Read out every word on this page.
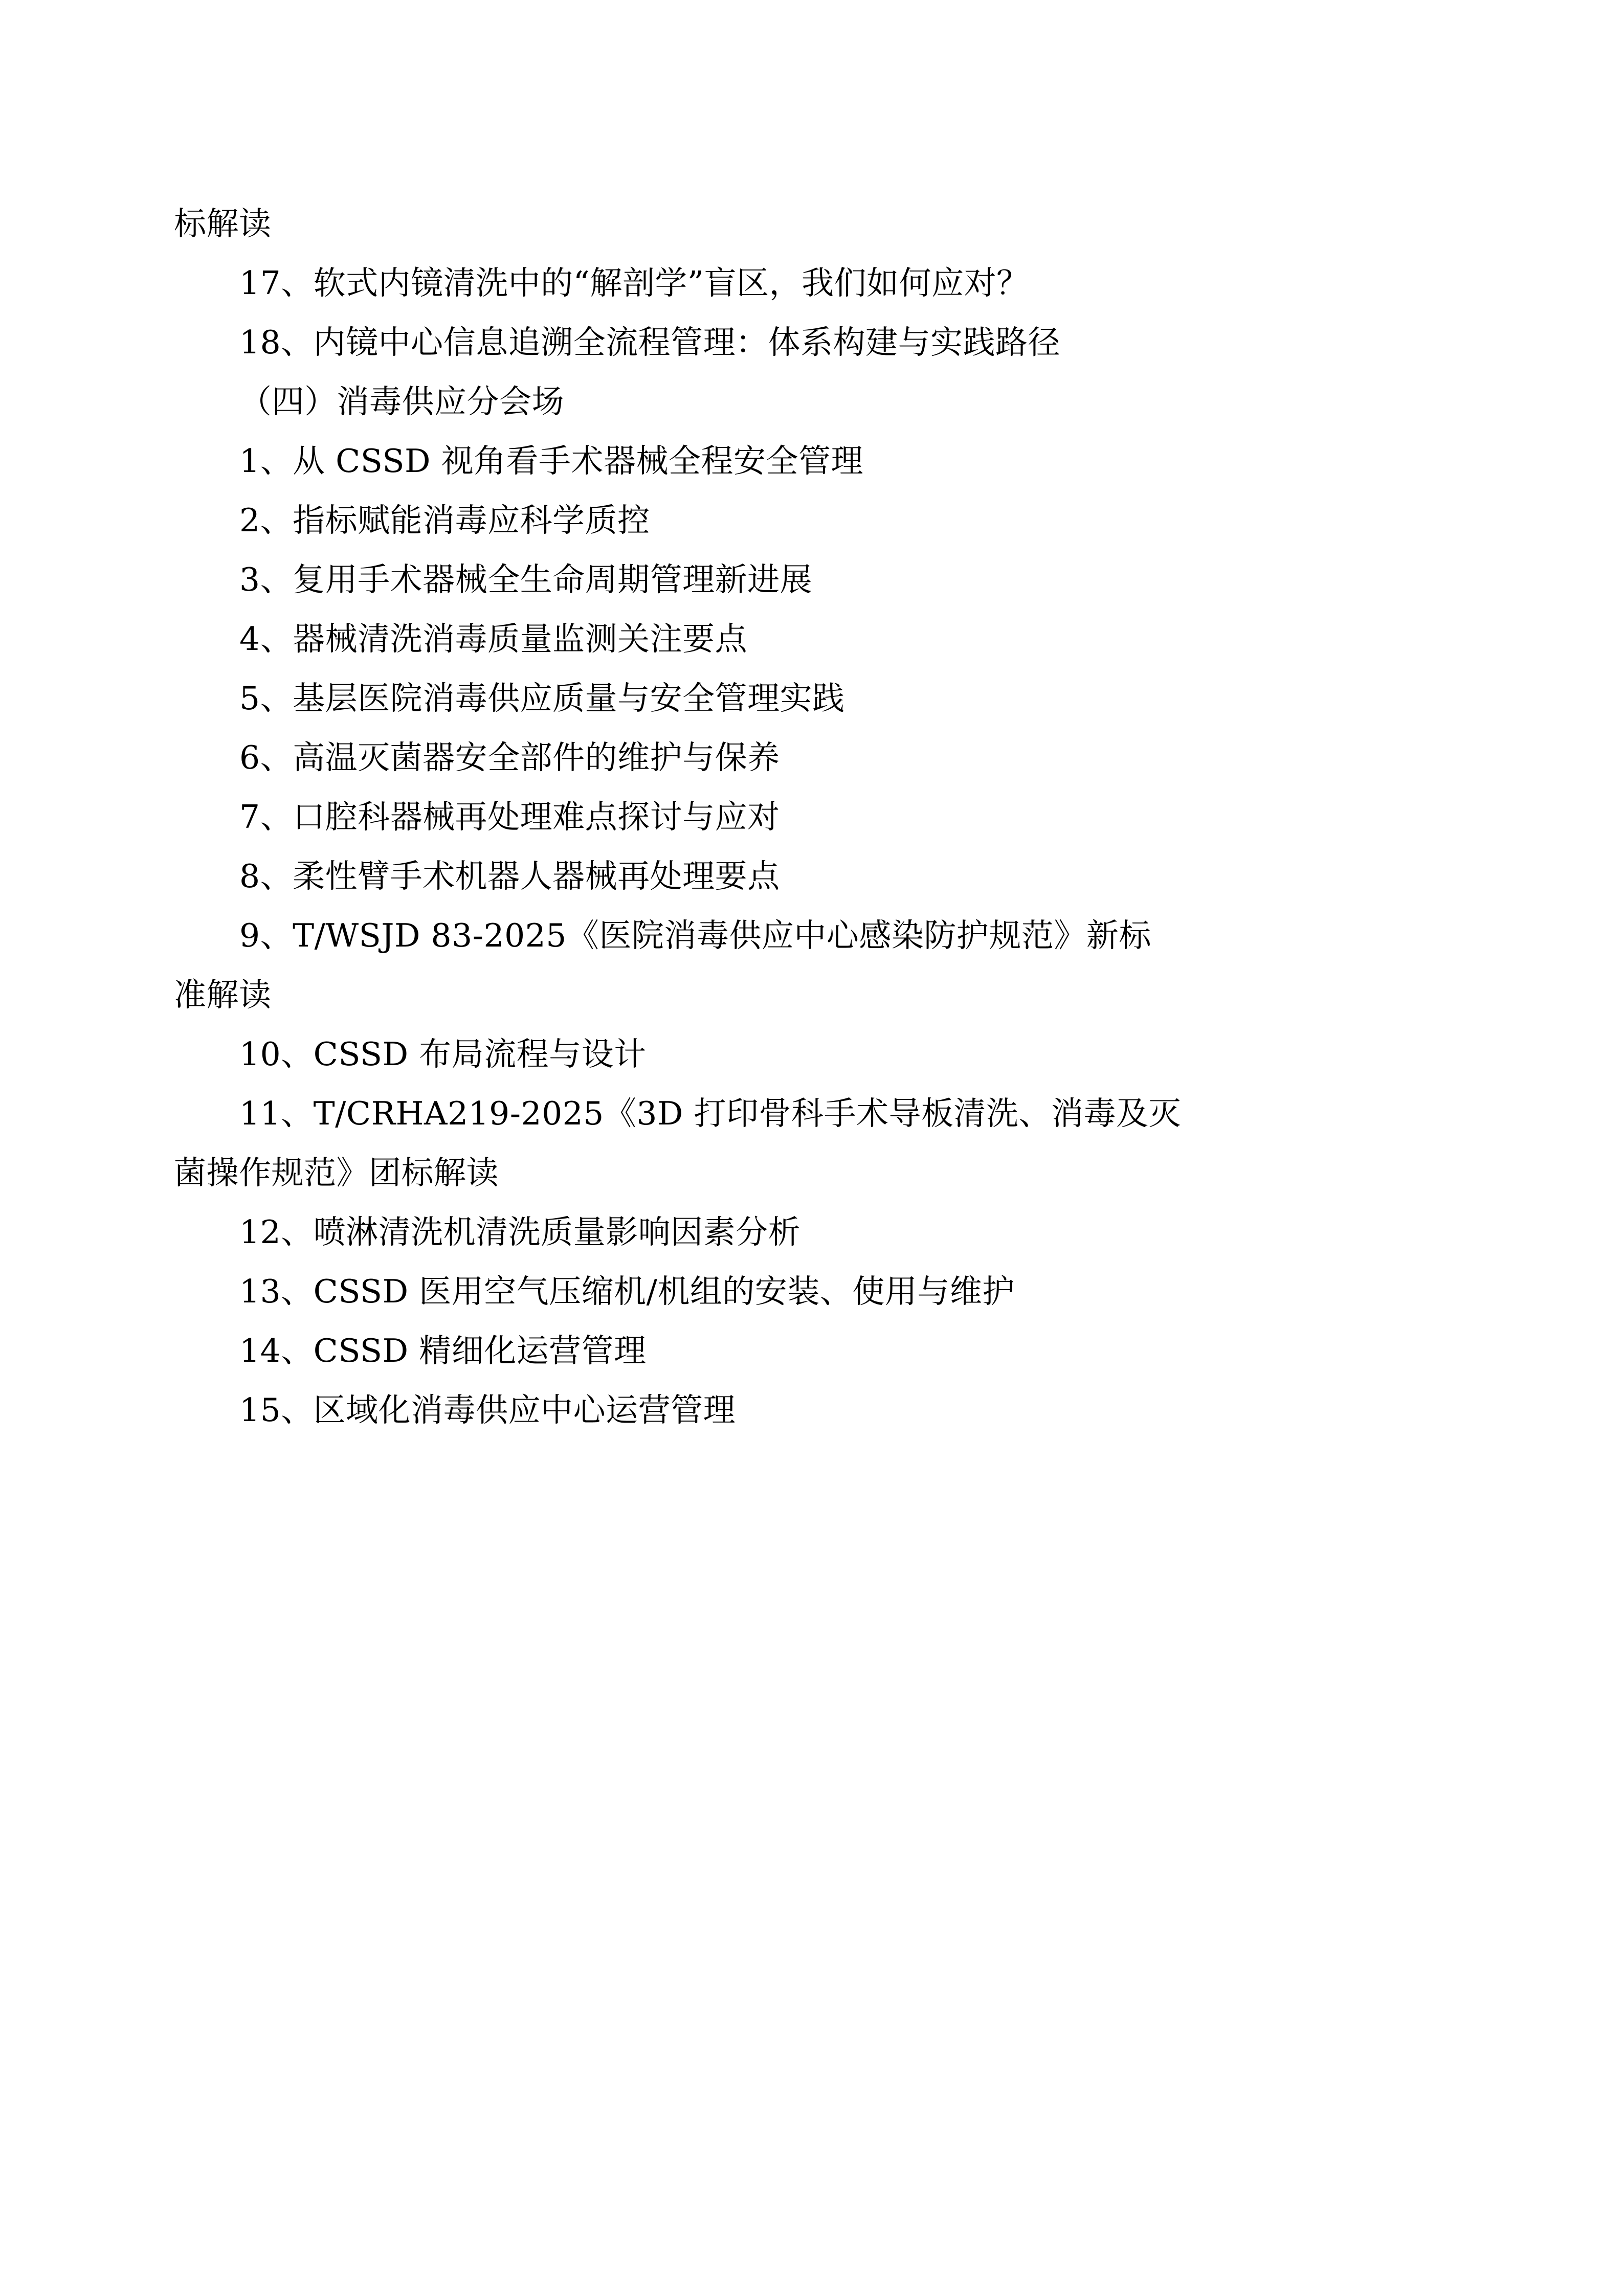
标解读

17、软式内镜清洗中的“解剖学”盲区，我们如何应对？

18、内镜中心信息追溯全流程管理：体系构建与实践路径

（四）消毒供应分会场

1、从 CSSD 视角看手术器械全程安全管理

2、指标赋能消毒应科学质控

3、复用手术器械全生命周期管理新进展

4、器械清洗消毒质量监测关注要点

5、基层医院消毒供应质量与安全管理实践

6、高温灭菌器安全部件的维护与保养

7、口腔科器械再处理难点探讨与应对

8、柔性臂手术机器人器械再处理要点

9、T/WSJD 83-2025《医院消毒供应中心感染防护规范》新标

准解读

10、CSSD 布局流程与设计

11、T/CRHA219-2025《3D 打印骨科手术导板清洗、消毒及灭

菌操作规范》团标解读

12、喷淋清洗机清洗质量影响因素分析

13、CSSD 医用空气压缩机/机组的安装、使用与维护

14、CSSD 精细化运营管理

15、区域化消毒供应中心运营管理
